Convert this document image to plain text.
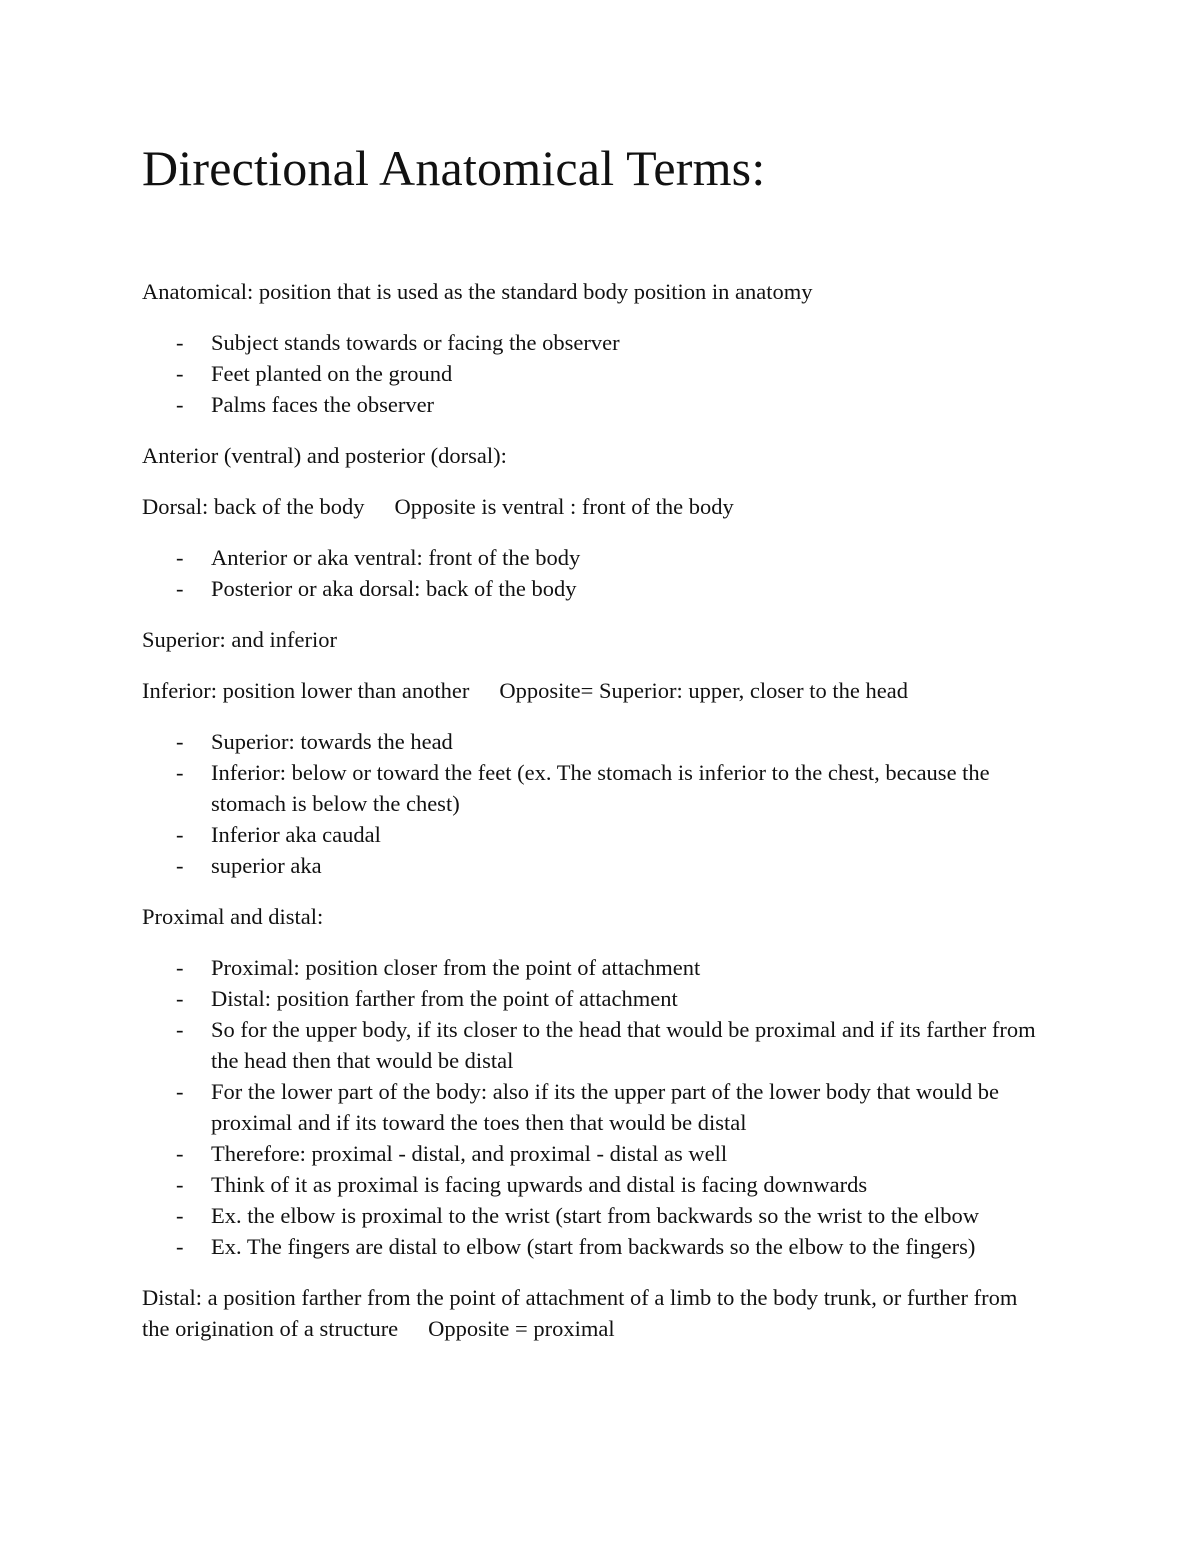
Directional Anatomical Terms:

Anatomical: position that is used as the standard body position in anatomy

- Subject stands towards or facing the observer
- Feet planted on the ground
- Palms faces the observer

Anterior (ventral) and posterior (dorsal):

Dorsal: back of the body Opposite is ventral : front of the body

- Anterior or aka ventral: front of the body
- Posterior or aka dorsal: back of the body

Superior: and inferior

Inferior: position lower than another Opposite= Superior: upper, closer to the head

- Superior: towards the head
- Inferior: below or toward the feet (ex. The stomach is inferior to the chest, because the stomach is below the chest)
- Inferior aka caudal
- superior aka

Proximal and distal:

- Proximal: position closer from the point of attachment
- Distal: position farther from the point of attachment
- So for the upper body, if its closer to the head that would be proximal and if its farther from the head then that would be distal
- For the lower part of the body: also if its the upper part of the lower body that would be proximal and if its toward the toes then that would be distal
- Therefore: proximal - distal, and proximal - distal as well
- Think of it as proximal is facing upwards and distal is facing downwards
- Ex. the elbow is proximal to the wrist (start from backwards so the wrist to the elbow
- Ex. The fingers are distal to elbow (start from backwards so the elbow to the fingers)

Distal: a position farther from the point of attachment of a limb to the body trunk, or further from the origination of a structure Opposite = proximal
